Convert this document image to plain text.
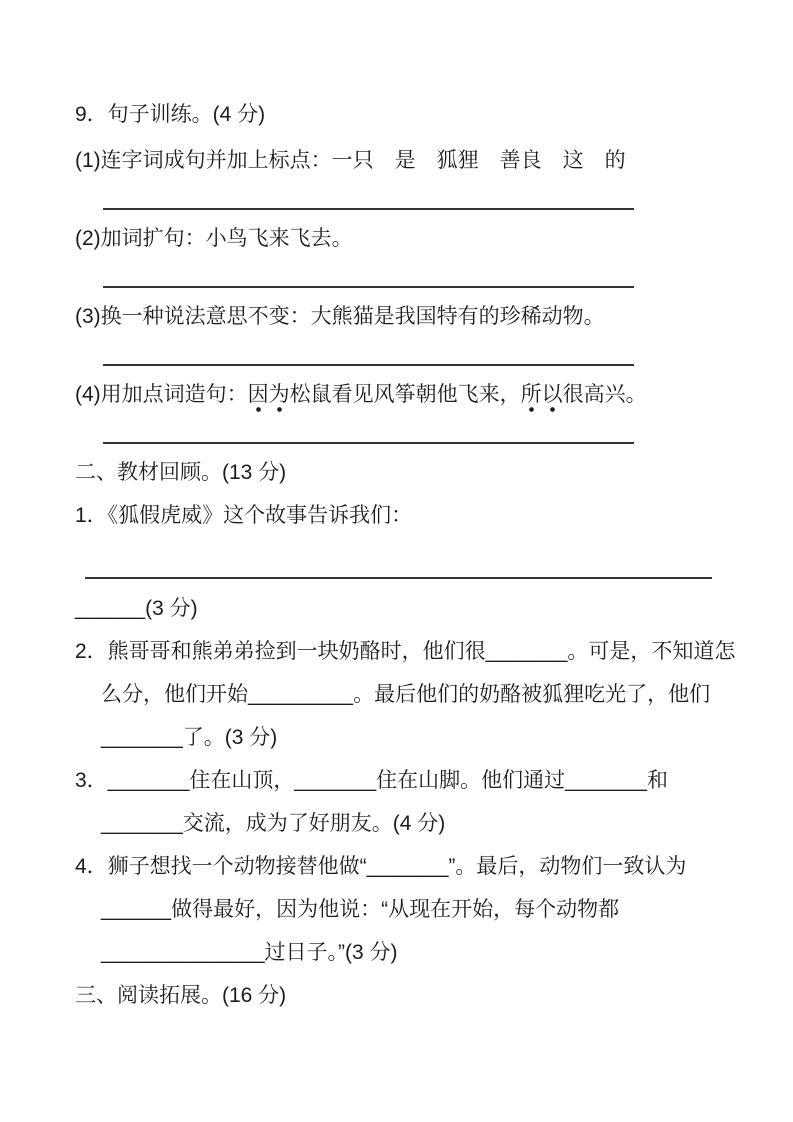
9．句子训练。(4 分)

(1)连字词成句并加上标点：一只　是　狐狸　善良　这　的

(2)加词扩句：小鸟飞来飞去。

(3)换一种说法意思不变：大熊猫是我国特有的珍稀动物。

(4)用加点词造句：因为松鼠看见风筝朝他飞来，所以很高兴。

二、教材回顾。(13 分)

1．《狐假虎威》这个故事告诉我们：

______(3 分)

2．熊哥哥和熊弟弟捡到一块奶酪时，他们很_______。可是，不知道怎么分，他们开始_________。最后他们的奶酪被狐狸吃光了，他们_______了。(3 分)

3．_______住在山顶，_______住在山脚。他们通过_______和_______交流，成为了好朋友。(4 分)

4．狮子想找一个动物接替他做“_______”。最后，动物们一致认为______做得最好，因为他说：“从现在开始，每个动物都______________过日子。”(3 分)

三、阅读拓展。(16 分)
